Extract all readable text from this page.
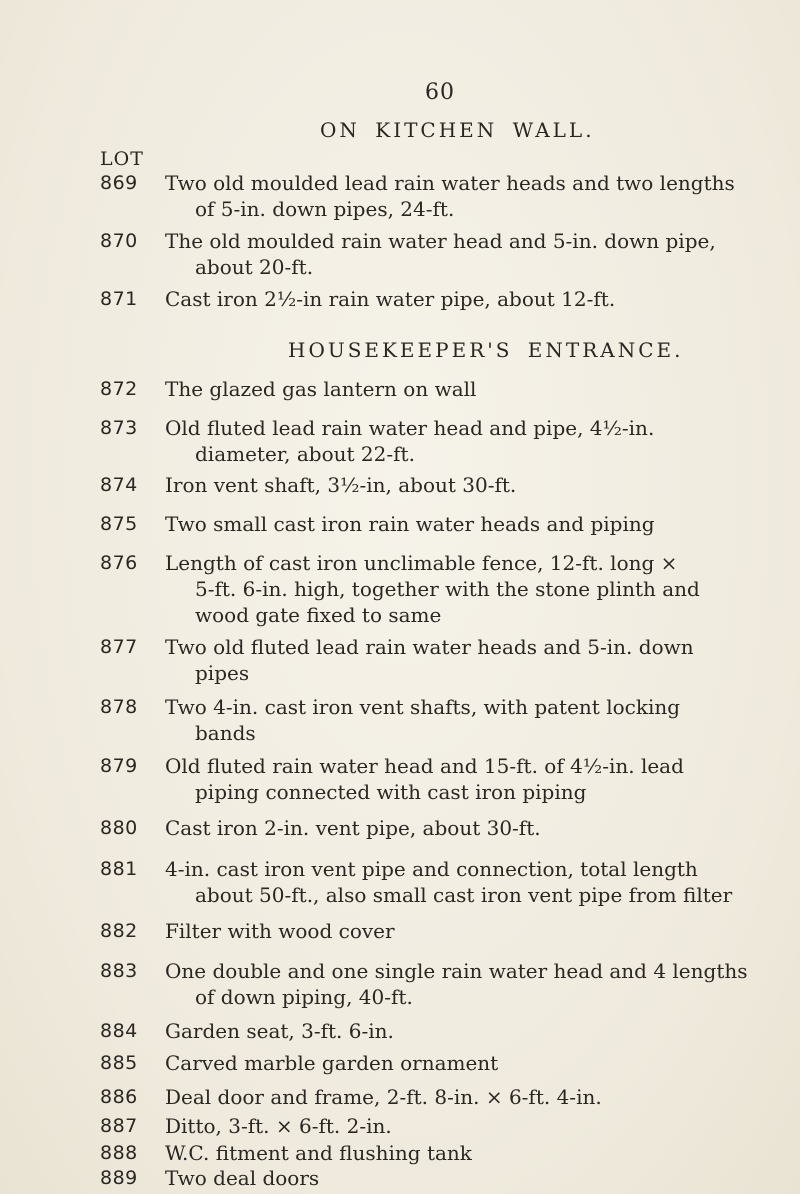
60
ON KITCHEN WALL.
LOT
869	Two old moulded lead rain water heads and two lengths
of 5-in. down pipes, 24-ft.
870	The old moulded rain water head and 5-in. down pipe,
about 20-ft.
871	Cast iron 2½-in rain water pipe, about 12-ft.
HOUSEKEEPER'S ENTRANCE.
872	The glazed gas lantern on wall
873	Old fluted lead rain water head and pipe, 4½-in.
diameter, about 22-ft.
874	Iron vent shaft, 3½-in, about 30-ft.
875	Two small cast iron rain water heads and piping
876	Length of cast iron unclimable fence, 12-ft. long ×
5-ft. 6-in. high, together with the stone plinth and
wood gate fixed to same
877	Two old fluted lead rain water heads and 5-in. down
pipes
878	Two 4-in. cast iron vent shafts, with patent locking
bands
879	Old fluted rain water head and 15-ft. of 4½-in. lead
piping connected with cast iron piping
880	Cast iron 2-in. vent pipe, about 30-ft.
881	4-in. cast iron vent pipe and connection, total length
about 50-ft., also small cast iron vent pipe from filter
882	Filter with wood cover
883	One double and one single rain water head and 4 lengths
of down piping, 40-ft.
884	Garden seat, 3-ft. 6-in.
885	Carved marble garden ornament
886	Deal door and frame, 2-ft. 8-in. × 6-ft. 4-in.
887	Ditto, 3-ft. × 6-ft. 2-in.
888	W.C. fitment and flushing tank
889	Two deal doors
